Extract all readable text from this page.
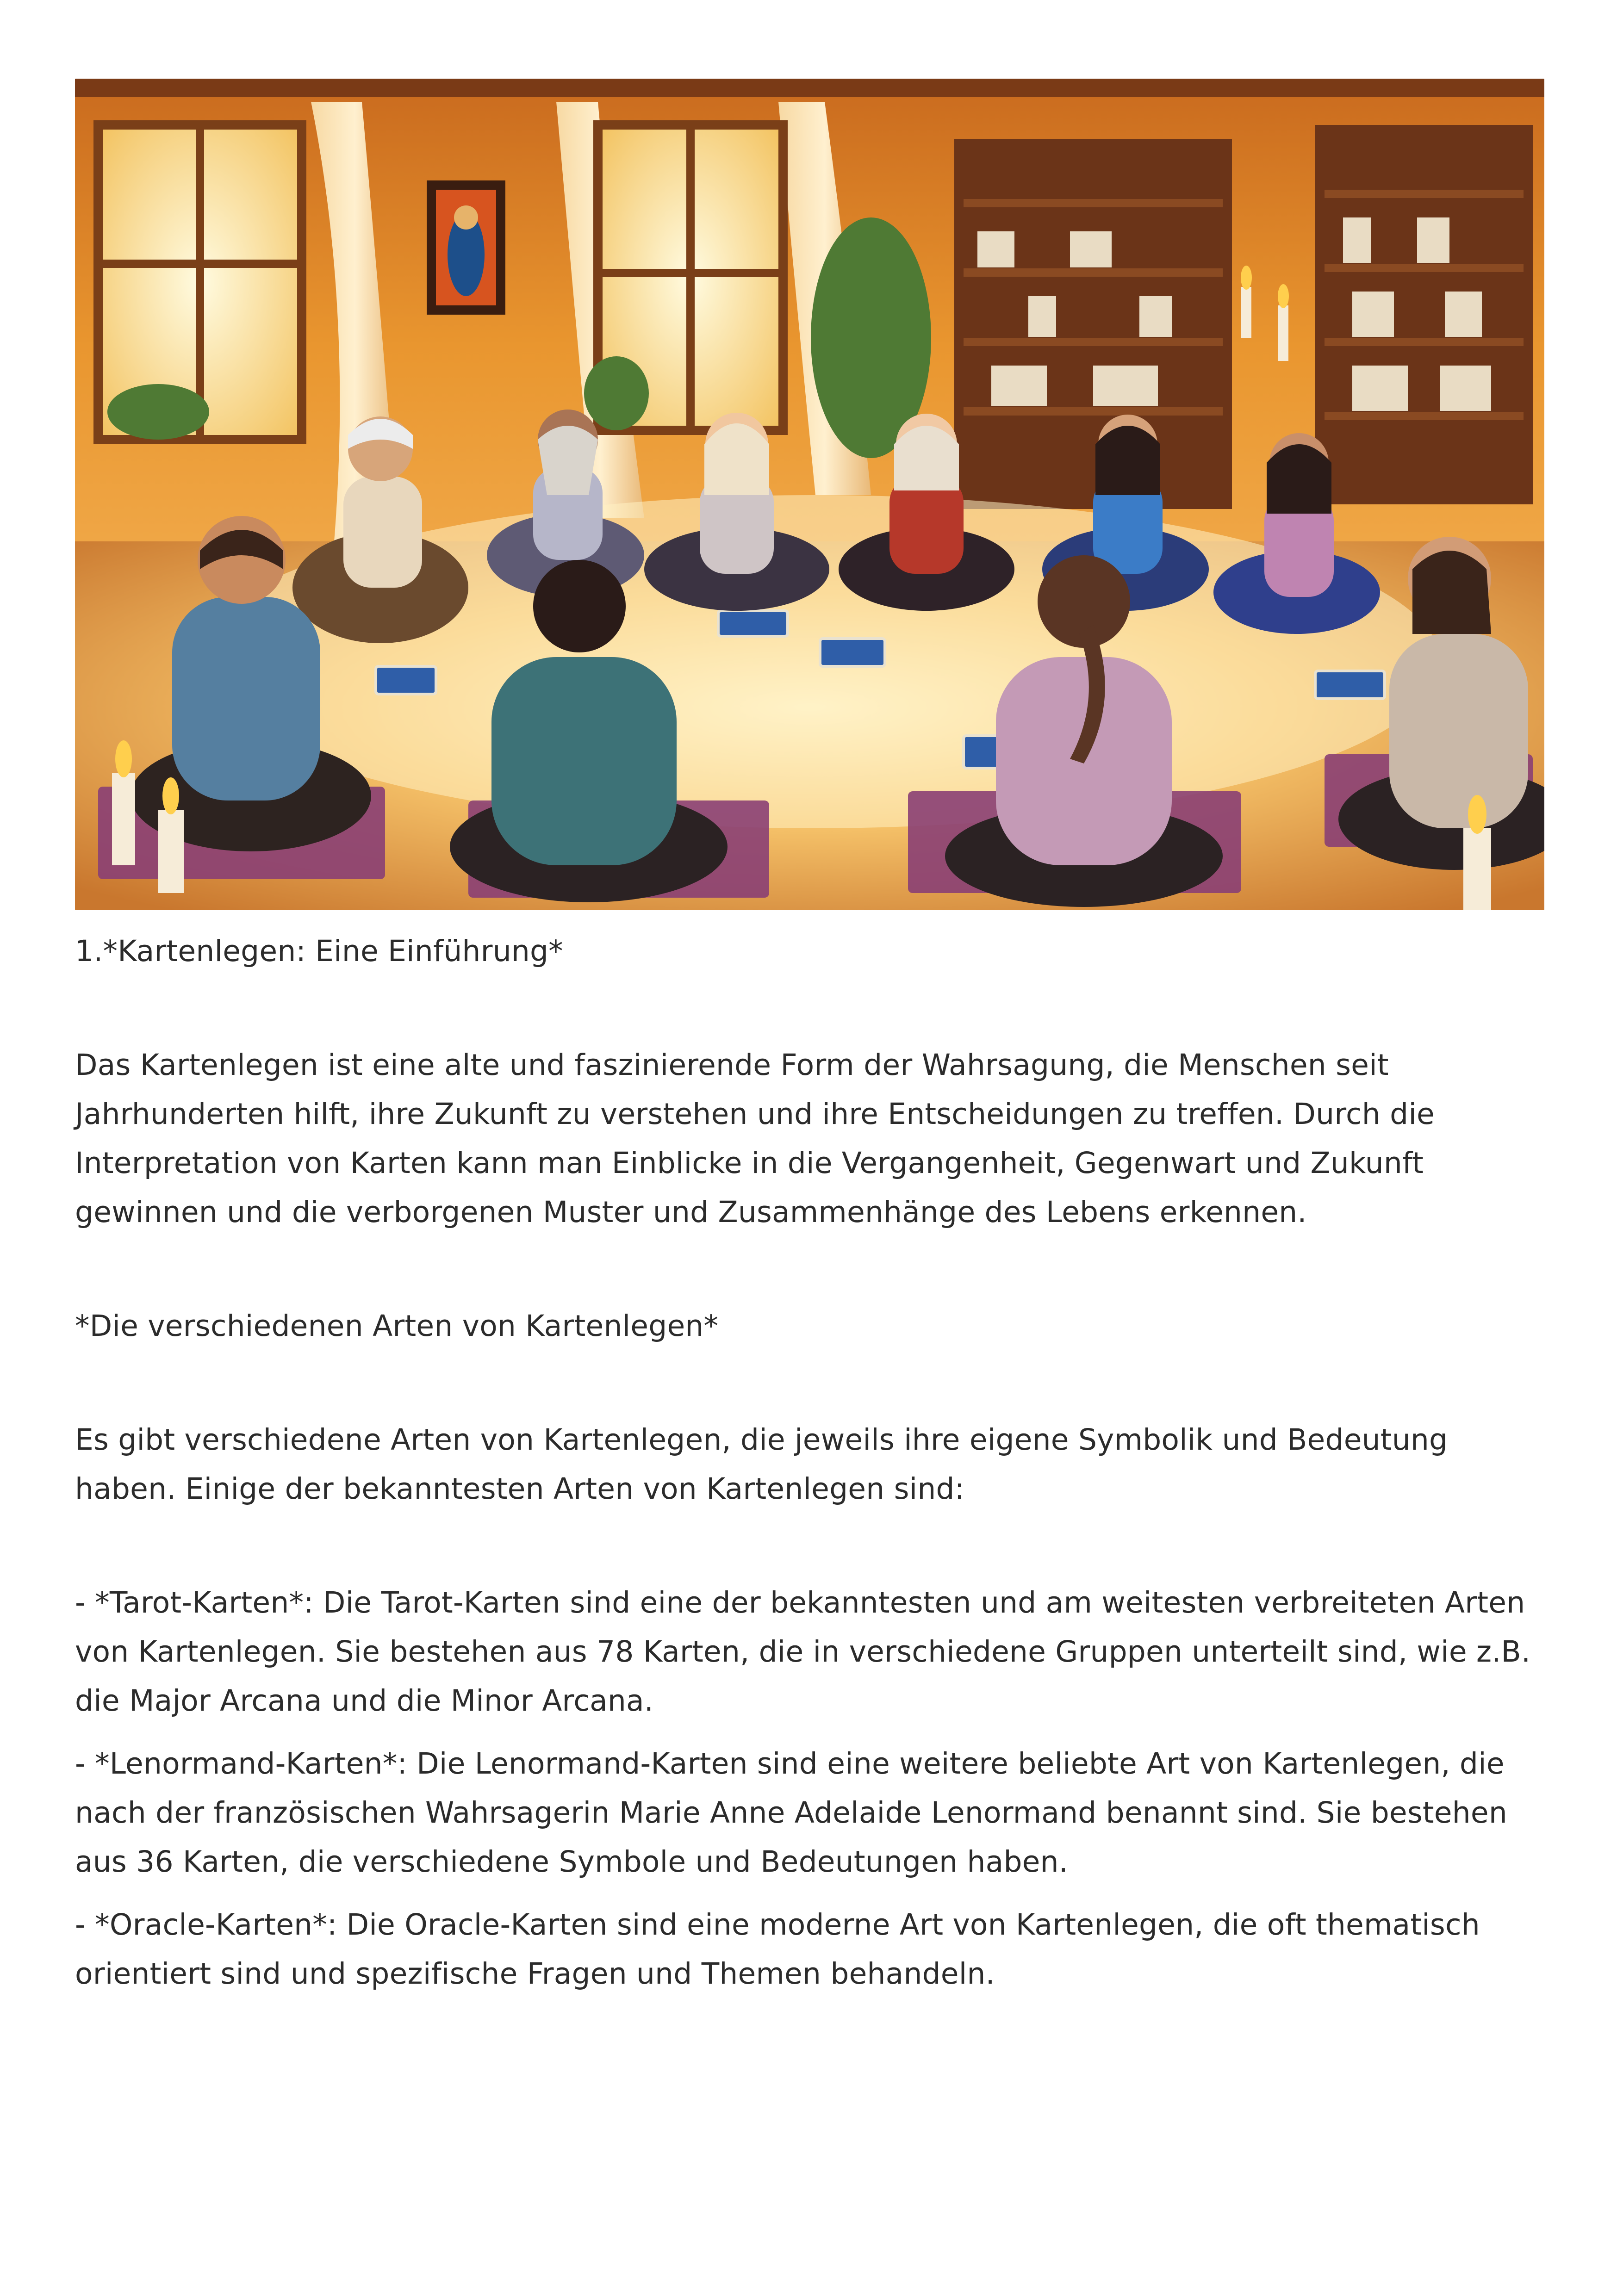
1.*Kartenlegen: Eine Einführung*

Das Kartenlegen ist eine alte und faszinierende Form der Wahrsagung, die Menschen seit Jahrhunderten hilft, ihre Zukunft zu verstehen und ihre Entscheidungen zu treffen. Durch die Interpretation von Karten kann man Einblicke in die Vergangenheit, Gegenwart und Zukunft gewinnen und die verborgenen Muster und Zusammenhänge des Lebens erkennen.

*Die verschiedenen Arten von Kartenlegen*

Es gibt verschiedene Arten von Kartenlegen, die jeweils ihre eigene Symbolik und Bedeutung haben. Einige der bekanntesten Arten von Kartenlegen sind:

- *Tarot-Karten*: Die Tarot-Karten sind eine der bekanntesten und am weitesten verbreiteten Arten von Kartenlegen. Sie bestehen aus 78 Karten, die in verschiedene Gruppen unterteilt sind, wie z.B. die Major Arcana und die Minor Arcana.
- *Lenormand-Karten*: Die Lenormand-Karten sind eine weitere beliebte Art von Kartenlegen, die nach der französischen Wahrsagerin Marie Anne Adelaide Lenormand benannt sind. Sie bestehen aus 36 Karten, die verschiedene Symbole und Bedeutungen haben.
- *Oracle-Karten*: Die Oracle-Karten sind eine moderne Art von Kartenlegen, die oft thematisch orientiert sind und spezifische Fragen und Themen behandeln.
